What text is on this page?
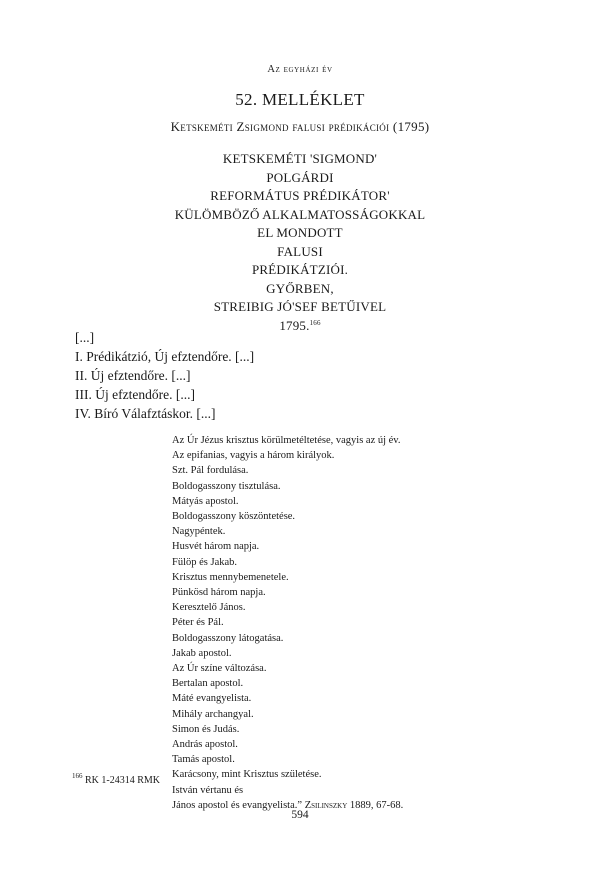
Az egyházi év
52. MELLÉKLET
Ketskeméti Zsigmond falusi prédikációi (1795)
KETSKEMÉTI 'SIGMOND'
POLGÁRDI
REFORMÁTUS PRÉDIKÁTOR'
KÜLÖMBÖZŐ ALKALMATOSSÁGOKKAL
EL MONDOTT
FALUSI
PRÉDIKÁTZIÓI.
GYŐRBEN,
STREIBIG JÓ'SEF BETŰIVEL
1795.$^{166}$
[...]
I. Prédikátzió, Új efztendőre. [...]
II. Új efztendőre. [...]
III. Új efztendőre. [...]
IV. Bíró Válafztáskor. [...]
Az Úr Jézus krisztus körülmetéltetése, vagyis az új év.
Az epifanias, vagyis a három királyok.
Szt. Pál fordulása.
Boldogasszony tisztulása.
Mátyás apostol.
Boldogasszony köszöntetése.
Nagypéntek.
Husvét három napja.
Fülöp és Jakab.
Krisztus mennybemenetele.
Pünkösd három napja.
Keresztelő János.
Péter és Pál.
Boldogasszony látogatása.
Jakab apostol.
Az Úr színe változása.
Bertalan apostol.
Máté evangyelista.
Mihály archangyal.
Simon és Judás.
András apostol.
Tamás apostol.
Karácsony, mint Krisztus születése.
István vértanu és
János apostol és evangyelista.” Zsilinszky 1889, 67-68.
$^{166}$ RK 1-24314 RMK
594
